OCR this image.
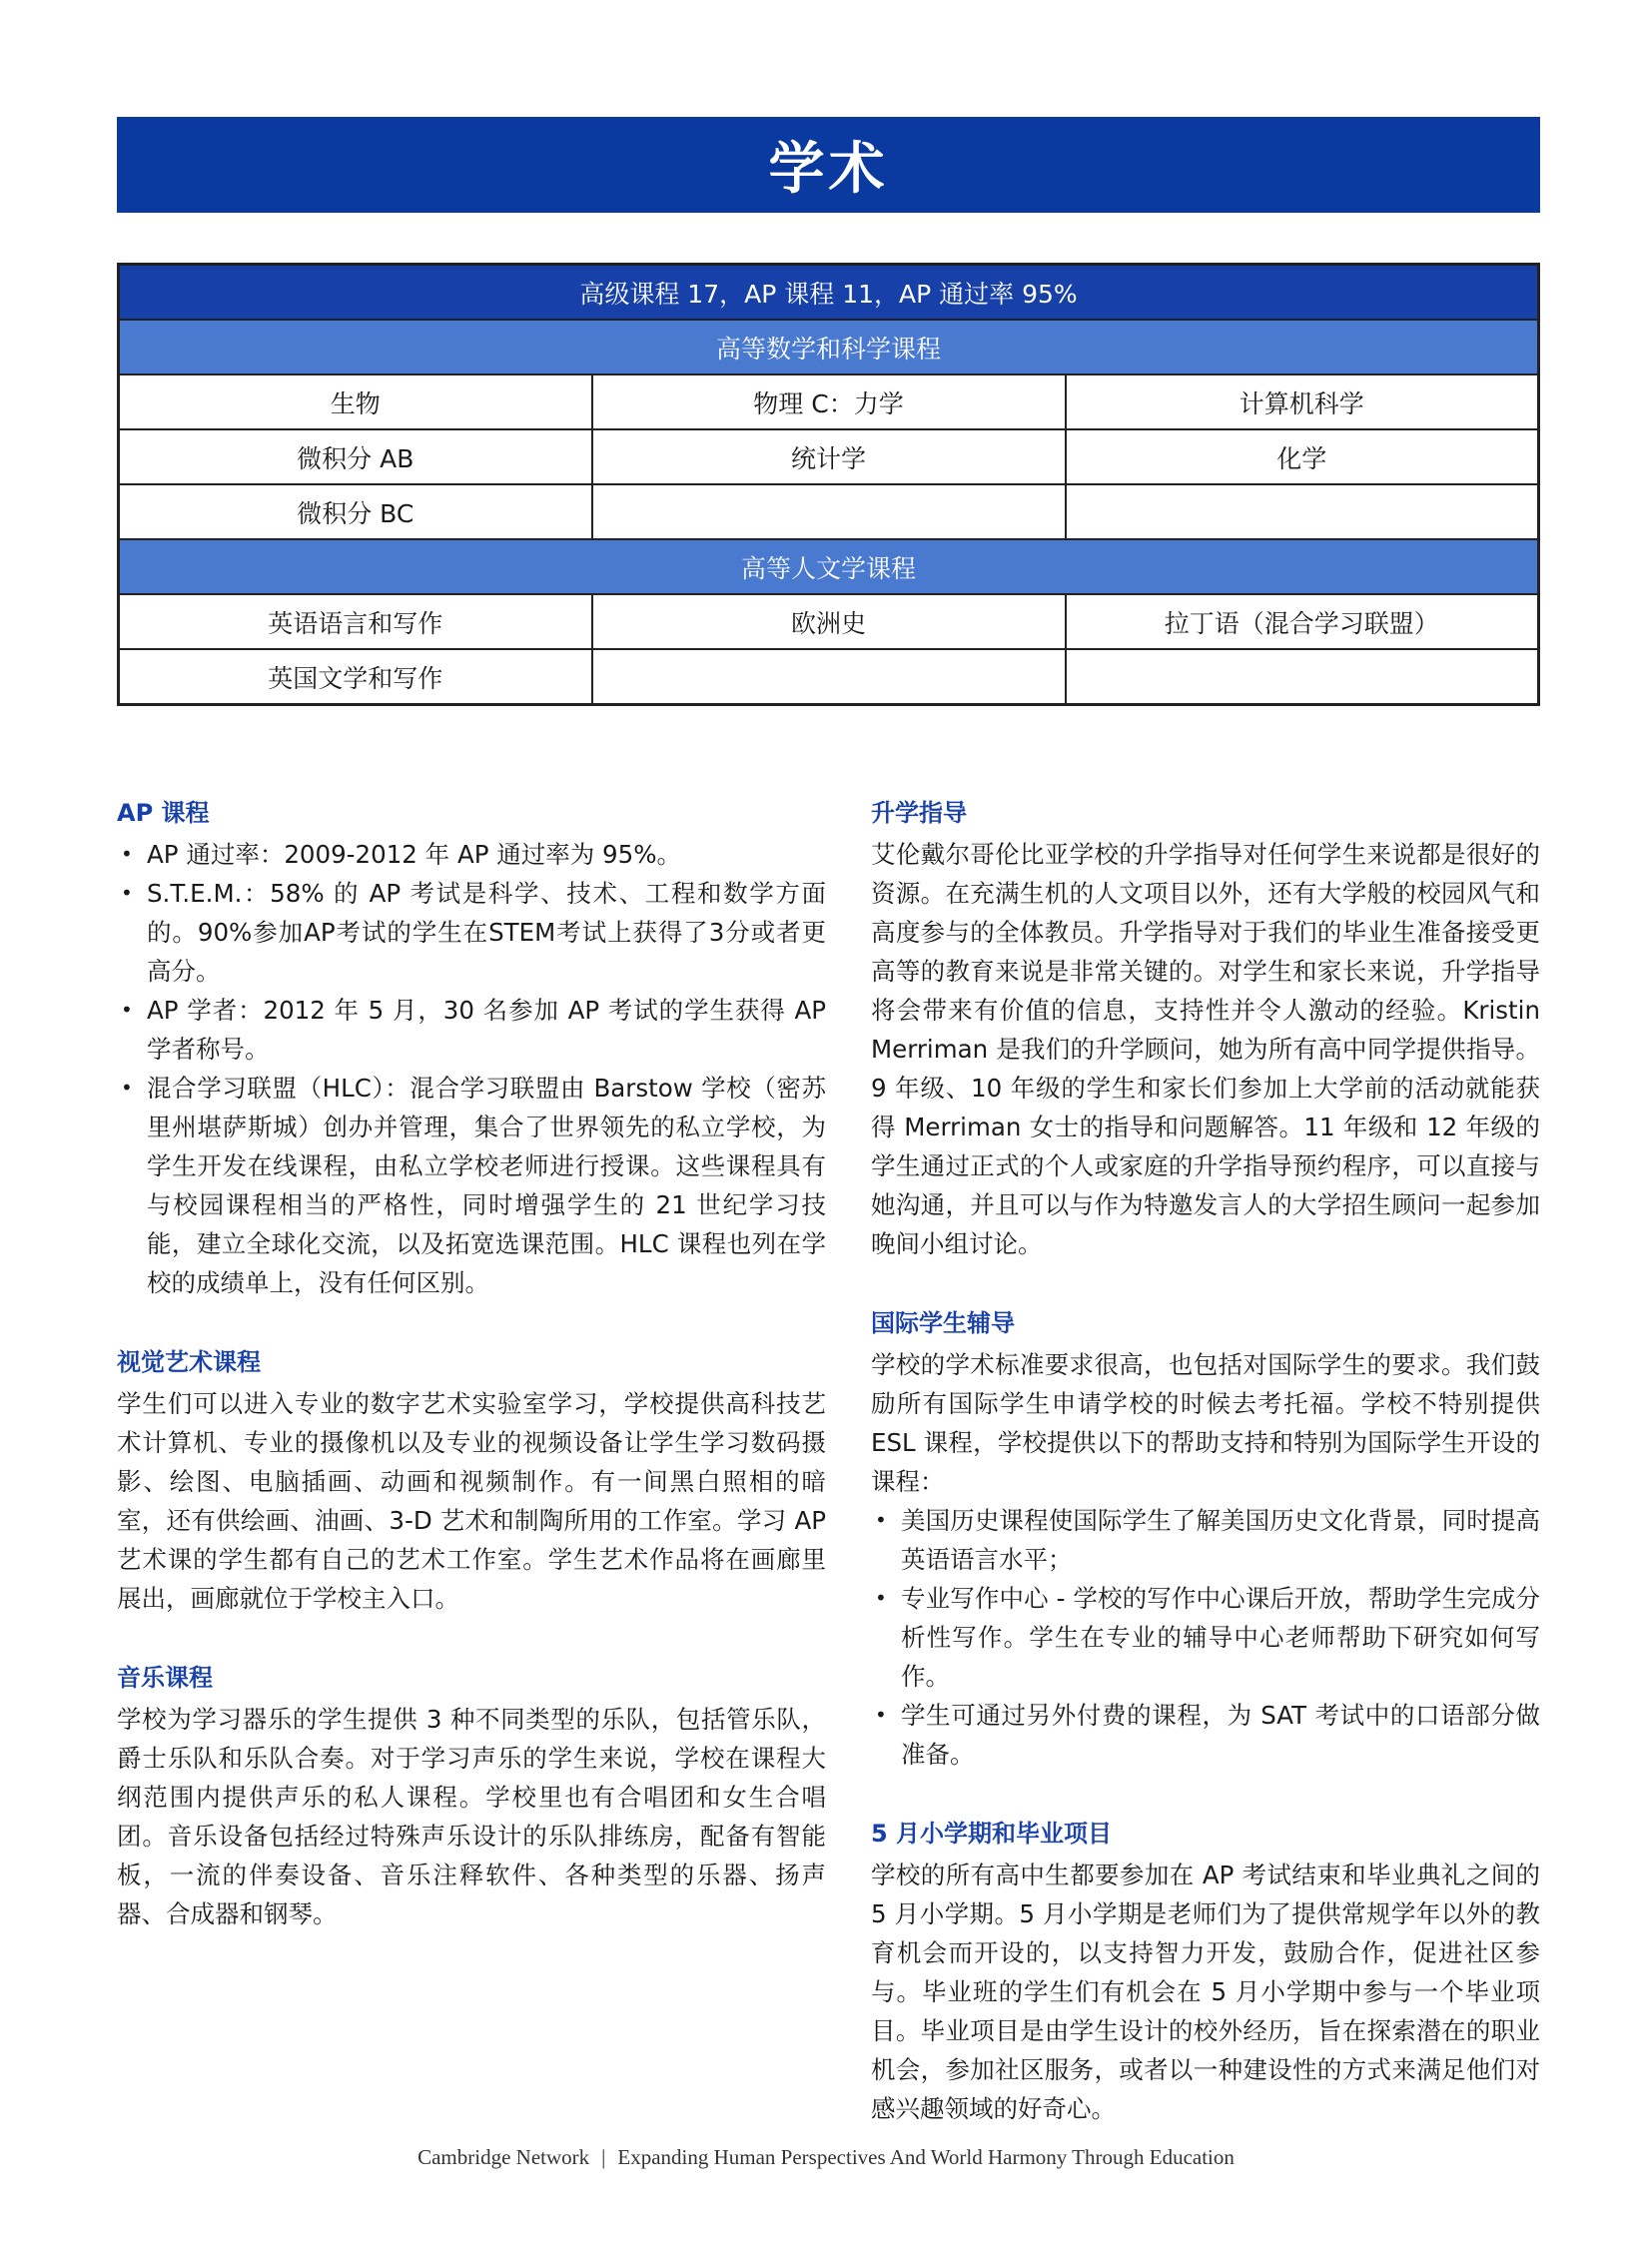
学术
高级课程 17，AP 课程 11，AP 通过率 95%		
高等数学和科学课程		
生物	物理 C：力学	计算机科学
微积分 AB	统计学	化学
微积分 BC		
高等人文学课程		
英语语言和写作	欧洲史	拉丁语（混合学习联盟）
英国文学和写作		
AP 课程
• AP 通过率：2009-2012 年 AP 通过率为 95%。
• S.T.E.M.：58% 的 AP 考试是科学、技术、工程和数学方面的。90%参加AP考试的学生在STEM考试上获得了3分或者更高分。
• AP 学者：2012 年 5 月，30 名参加 AP 考试的学生获得 AP 学者称号。
• 混合学习联盟（HLC）：混合学习联盟由 Barstow 学校（密苏里州堪萨斯城）创办并管理，集合了世界领先的私立学校，为学生开发在线课程，由私立学校老师进行授课。这些课程具有与校园课程相当的严格性，同时增强学生的 21 世纪学习技能，建立全球化交流，以及拓宽选课范围。HLC 课程也列在学校的成绩单上，没有任何区别。
视觉艺术课程

学生们可以进入专业的数字艺术实验室学习，学校提供高科技艺术计算机、专业的摄像机以及专业的视频设备让学生学习数码摄影、绘图、电脑插画、动画和视频制作。有一间黑白照相的暗室，还有供绘画、油画、3-D 艺术和制陶所用的工作室。学习 AP 艺术课的学生都有自己的艺术工作室。学生艺术作品将在画廊里展出，画廊就位于学校主入口。

音乐课程

学校为学习器乐的学生提供 3 种不同类型的乐队，包括管乐队，爵士乐队和乐队合奏。对于学习声乐的学生来说，学校在课程大纲范围内提供声乐的私人课程。学校里也有合唱团和女生合唱团。音乐设备包括经过特殊声乐设计的乐队排练房，配备有智能板，一流的伴奏设备、音乐注释软件、各种类型的乐器、扬声器、合成器和钢琴。

升学指导

艾伦戴尔哥伦比亚学校的升学指导对任何学生来说都是很好的资源。在充满生机的人文项目以外，还有大学般的校园风气和高度参与的全体教员。升学指导对于我们的毕业生准备接受更高等的教育来说是非常关键的。对学生和家长来说，升学指导将会带来有价值的信息，支持性并令人激动的经验。Kristin Merriman 是我们的升学顾问，她为所有高中同学提供指导。9 年级、10 年级的学生和家长们参加上大学前的活动就能获得 Merriman 女士的指导和问题解答。11 年级和 12 年级的学生通过正式的个人或家庭的升学指导预约程序，可以直接与她沟通，并且可以与作为特邀发言人的大学招生顾问一起参加晚间小组讨论。

国际学生辅导

学校的学术标准要求很高，也包括对国际学生的要求。我们鼓励所有国际学生申请学校的时候去考托福。学校不特别提供 ESL 课程，学校提供以下的帮助支持和特别为国际学生开设的课程：

• 美国历史课程使国际学生了解美国历史文化背景，同时提高英语语言水平；
• 专业写作中心 - 学校的写作中心课后开放，帮助学生完成分析性写作。学生在专业的辅导中心老师帮助下研究如何写作。
• 学生可通过另外付费的课程，为 SAT 考试中的口语部分做准备。
5 月小学期和毕业项目

学校的所有高中生都要参加在 AP 考试结束和毕业典礼之间的 5 月小学期。5 月小学期是老师们为了提供常规学年以外的教育机会而开设的，以支持智力开发，鼓励合作，促进社区参与。毕业班的学生们有机会在 5 月小学期中参与一个毕业项目。毕业项目是由学生设计的校外经历，旨在探索潜在的职业机会，参加社区服务，或者以一种建设性的方式来满足他们对感兴趣领域的好奇心。

Cambridge Network | Expanding Human Perspectives And World Harmony Through Education
